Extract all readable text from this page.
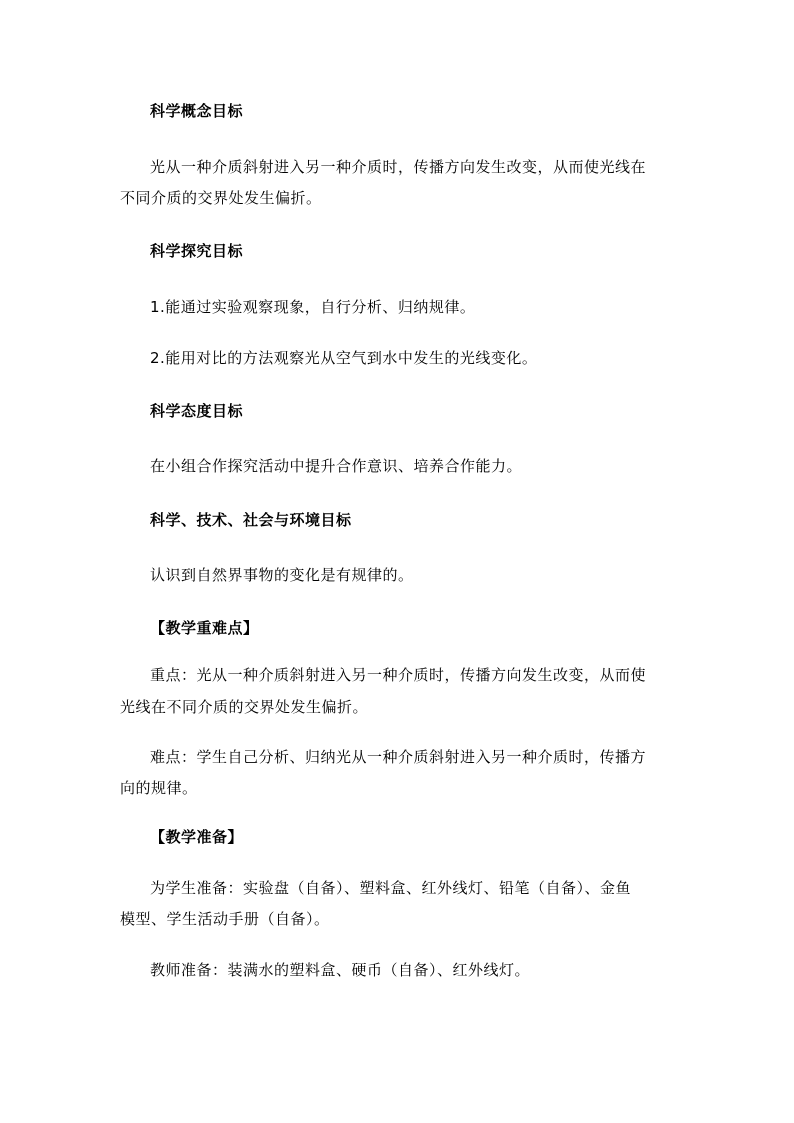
科学概念目标
光从一种介质斜射进入另一种介质时，传播方向发生改变，从而使光线在
不同介质的交界处发生偏折。
科学探究目标
1.能通过实验观察现象，自行分析、归纳规律。
2.能用对比的方法观察光从空气到水中发生的光线变化。
科学态度目标
在小组合作探究活动中提升合作意识、培养合作能力。
科学、技术、社会与环境目标
认识到自然界事物的变化是有规律的。
【教学重难点】
重点：光从一种介质斜射进入另一种介质时，传播方向发生改变，从而使
光线在不同介质的交界处发生偏折。
难点：学生自己分析、归纳光从一种介质斜射进入另一种介质时，传播方
向的规律。
【教学准备】
为学生准备：实验盘（自备）、塑料盒、红外线灯、铅笔（自备）、金鱼
模型、学生活动手册（自备）。
教师准备：装满水的塑料盒、硬币（自备）、红外线灯。
